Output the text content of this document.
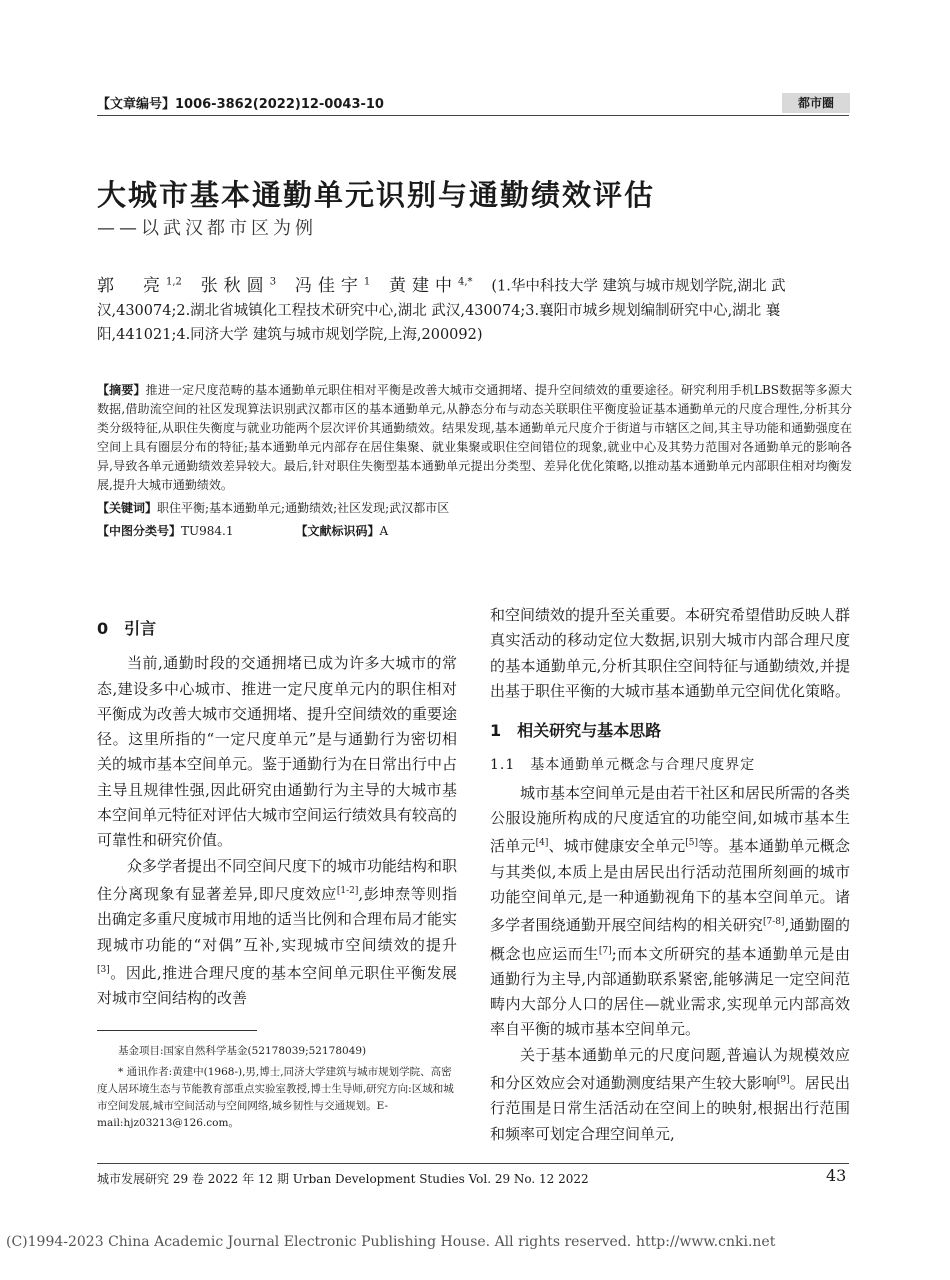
【文章编号】1006-3862(2022)12-0043-10	都市圈
大城市基本通勤单元识别与通勤绩效评估
——以武汉都市区为例
郭　亮$^{1,2}$ 张秋圆$^3$ 冯佳宇$^1$ 黄建中$^{4,*}$ (1.华中科技大学 建筑与城市规划学院,湖北 武汉,430074;2.湖北省城镇化工程技术研究中心,湖北 武汉,430074;3.襄阳市城乡规划编制研究中心,湖北 襄阳,441021;4.同济大学 建筑与城市规划学院,上海,200092)
【摘要】推进一定尺度范畴的基本通勤单元职住相对平衡是改善大城市交通拥堵、提升空间绩效的重要途径。研究利用手机LBS数据等多源大数据,借助流空间的社区发现算法识别武汉都市区的基本通勤单元,从静态分布与动态关联职住平衡度验证基本通勤单元的尺度合理性,分析其分类分级特征,从职住失衡度与就业功能两个层次评价其通勤绩效。结果发现,基本通勤单元尺度介于街道与市辖区之间,其主导功能和通勤强度在空间上具有圈层分布的特征;基本通勤单元内部存在居住集聚、就业集聚或职住空间错位的现象,就业中心及其势力范围对各通勤单元的影响各异,导致各单元通勤绩效差异较大。最后,针对职住失衡型基本通勤单元提出分类型、差异化优化策略,以推动基本通勤单元内部职住相对均衡发展,提升大城市通勤绩效。
【关键词】职住平衡;基本通勤单元;通勤绩效;社区发现;武汉都市区
【中图分类号】TU984.1	【文献标识码】A
0　引言

当前,通勤时段的交通拥堵已成为许多大城市的常态,建设多中心城市、推进一定尺度单元内的职住相对平衡成为改善大城市交通拥堵、提升空间绩效的重要途径。这里所指的“一定尺度单元”是与通勤行为密切相关的城市基本空间单元。鉴于通勤行为在日常出行中占主导且规律性强,因此研究由通勤行为主导的大城市基本空间单元特征对评估大城市空间运行绩效具有较高的可靠性和研究价值。

众多学者提出不同空间尺度下的城市功能结构和职住分离现象有显著差异,即尺度效应[1-2],彭坤焘等则指出确定多重尺度城市用地的适当比例和合理布局才能实现城市功能的“对偶”互补,实现城市空间绩效的提升[3]。因此,推进合理尺度的基本空间单元职住平衡发展对城市空间结构的改善

基金项目:国家自然科学基金(52178039;52178049)

* 通讯作者:黄建中(1968-),男,博士,同济大学建筑与城市规划学院、高密度人居环境生态与节能教育部重点实验室教授,博士生导师,研究方向:区域和城市空间发展,城市空间活动与空间网络,城乡韧性与交通规划。E-mail:hjz03213@126.com。

和空间绩效的提升至关重要。本研究希望借助反映人群真实活动的移动定位大数据,识别大城市内部合理尺度的基本通勤单元,分析其职住空间特征与通勤绩效,并提出基于职住平衡的大城市基本通勤单元空间优化策略。

1　相关研究与基本思路
1.1　基本通勤单元概念与合理尺度界定

城市基本空间单元是由若干社区和居民所需的各类公服设施所构成的尺度适宜的功能空间,如城市基本生活单元[4]、城市健康安全单元[5]等。基本通勤单元概念与其类似,本质上是由居民出行活动范围所刻画的城市功能空间单元,是一种通勤视角下的基本空间单元。诸多学者围绕通勤开展空间结构的相关研究[7-8],通勤圈的概念也应运而生[7];而本文所研究的基本通勤单元是由通勤行为主导,内部通勤联系紧密,能够满足一定空间范畴内大部分人口的居住—就业需求,实现单元内部高效率自平衡的城市基本空间单元。

关于基本通勤单元的尺度问题,普遍认为规模效应和分区效应会对通勤测度结果产生较大影响[9]。居民出行范围是日常生活活动在空间上的映射,根据出行范围和频率可划定合理空间单元,

城市发展研究 29 卷 2022 年 12 期 Urban Development Studies Vol. 29 No. 12 2022	43
(C)1994-2023 China Academic Journal Electronic Publishing House. All rights reserved. http://www.cnki.net
